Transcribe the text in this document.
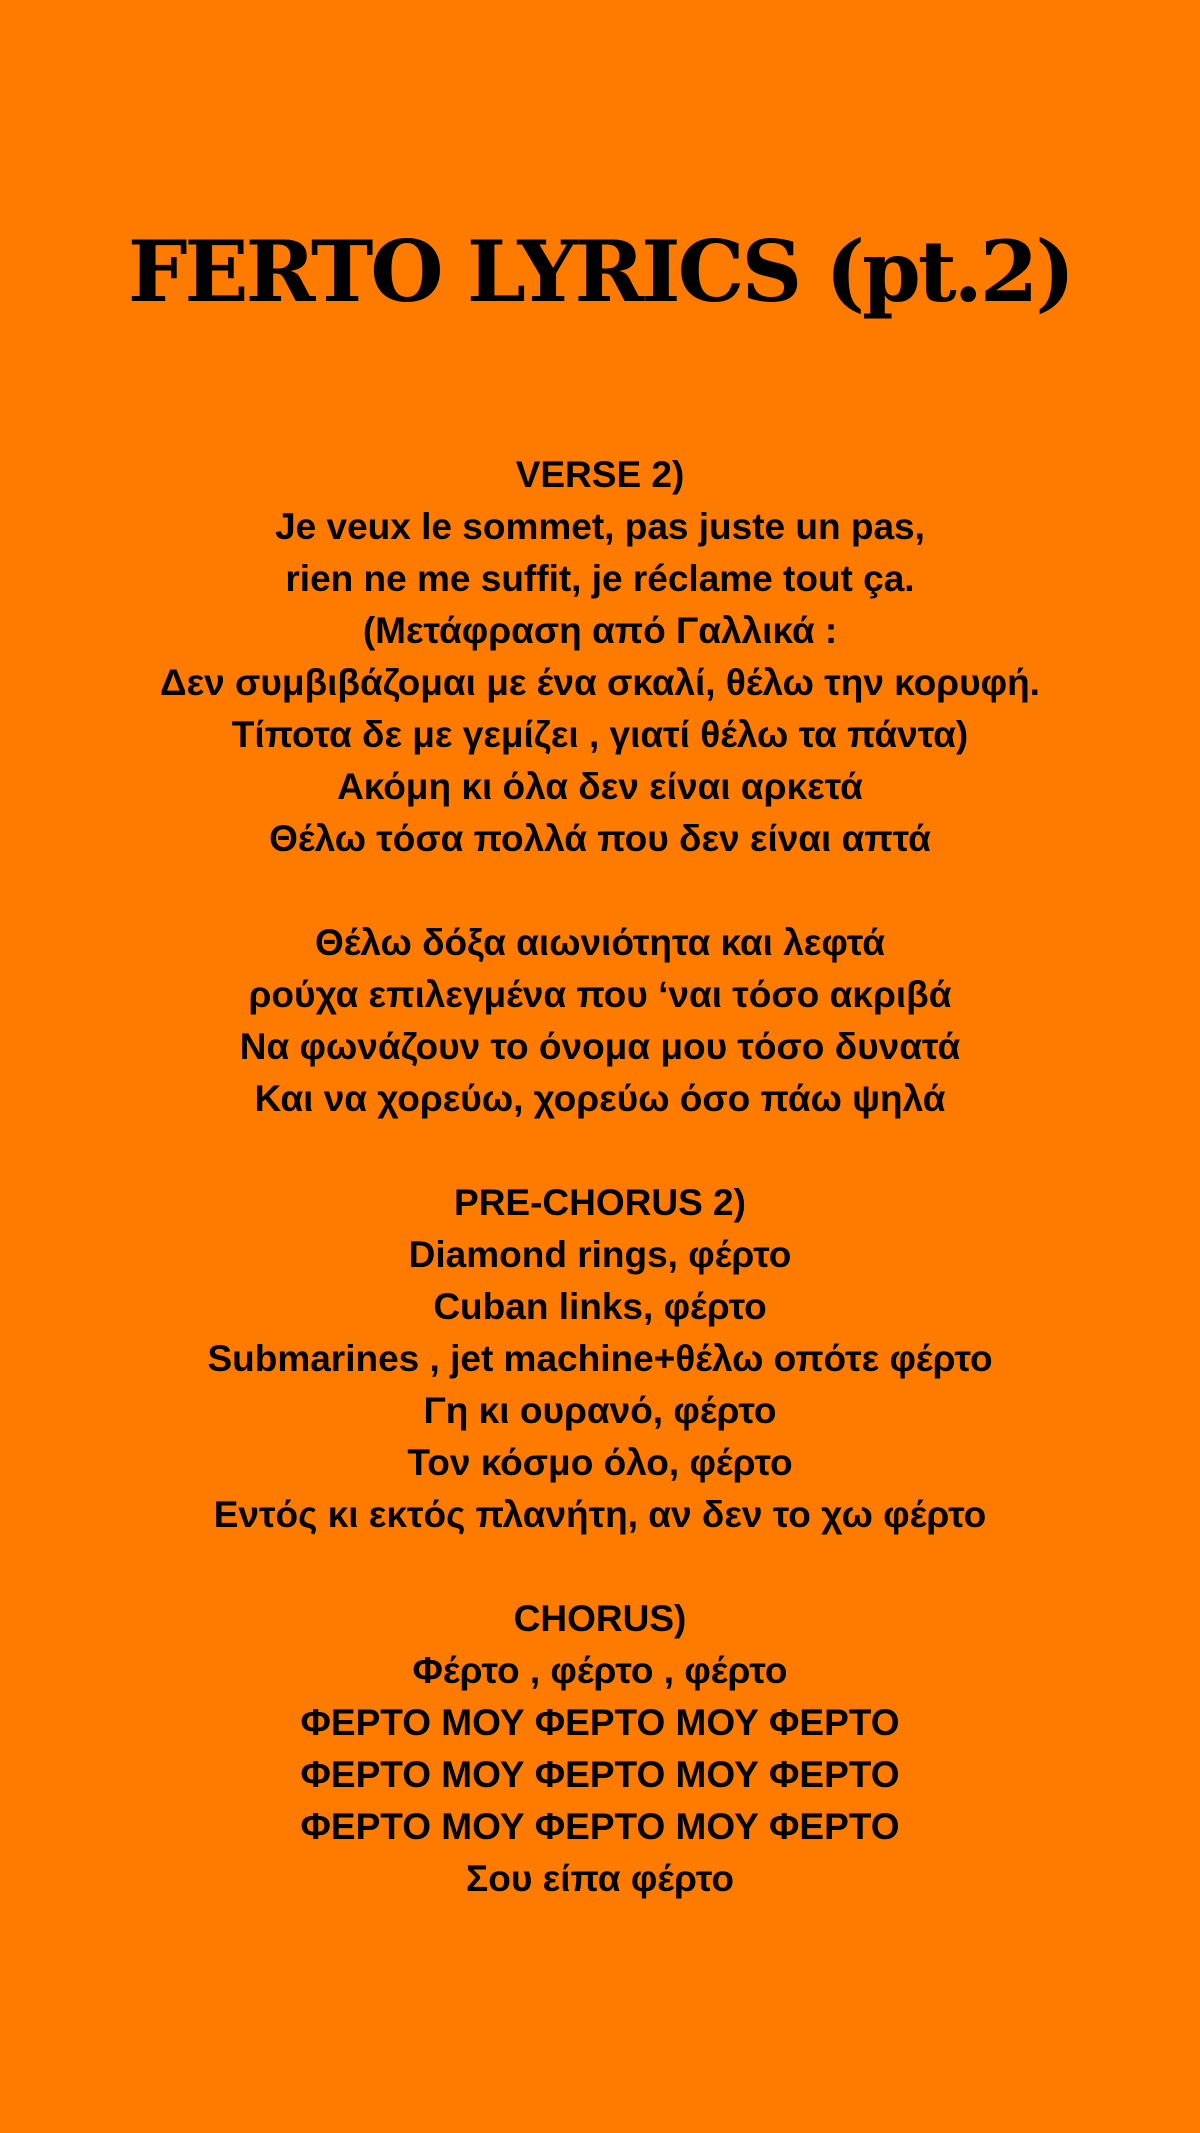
FERTO LYRICS (pt.2)
VERSE 2)
Je veux le sommet, pas juste un pas,
rien ne me suffit, je réclame tout ça.
(Μετάφραση από Γαλλικά :
Δεν συμβιβάζομαι με ένα σκαλί, θέλω την κορυφή.
Τίποτα δε με γεμίζει , γιατί θέλω τα πάντα)
Ακόμη κι όλα δεν είναι αρκετά
Θέλω τόσα πολλά που δεν είναι απτά
Θέλω δόξα αιωνιότητα και λεφτά
ρούχα επιλεγμένα που ‘ναι τόσο ακριβά
Να φωνάζουν το όνομα μου τόσο δυνατά
Και να χορεύω, χορεύω όσο πάω ψηλά
PRE-CHORUS 2)
Diamond rings, φέρτο
Cuban links, φέρτο
Submarines , jet machine+θέλω οπότε φέρτο
Γη κι ουρανό, φέρτο
Τον κόσμο όλο, φέρτο
Εντός κι εκτός πλανήτη, αν δεν το χω φέρτο
CHORUS)
Φέρτο , φέρτο , φέρτο
ΦΕΡΤΟ ΜΟΥ ΦΕΡΤΟ ΜΟΥ ΦΕΡΤΟ
ΦΕΡΤΟ ΜΟΥ ΦΕΡΤΟ ΜΟΥ ΦΕΡΤΟ
ΦΕΡΤΟ ΜΟΥ ΦΕΡΤΟ ΜΟΥ ΦΕΡΤΟ
Σου είπα φέρτο
